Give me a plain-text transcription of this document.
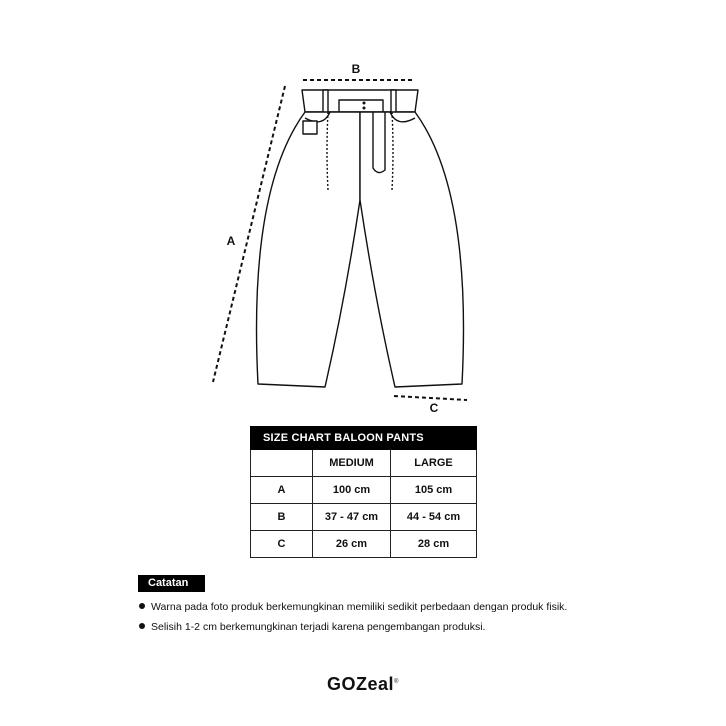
B
A
C
SIZE CHART BALOON PANTS		
	MEDIUM	LARGE
A	100 cm	105 cm
B	37 - 47 cm	44 - 54 cm
C	26 cm	28 cm
Catatan
Warna pada foto produk berkemungkinan memiliki sedikit perbedaan dengan produk fisik.
Selisih 1-2 cm berkemungkinan terjadi karena pengembangan produksi.
GOZeal®
